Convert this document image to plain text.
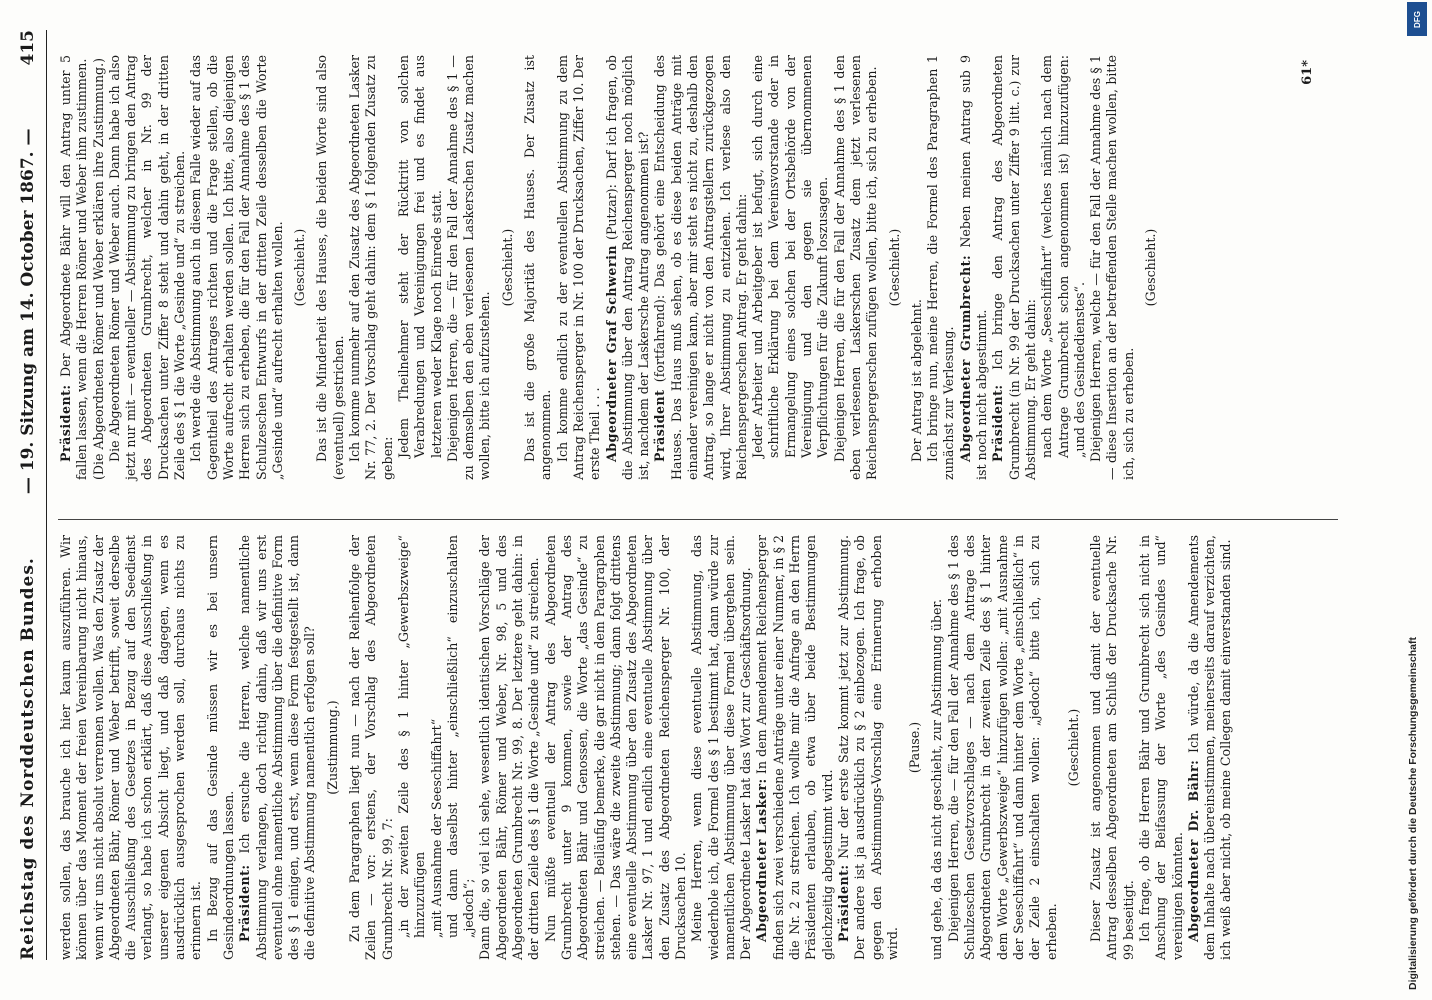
Reichstag des Norddeutschen Bundes.
— 19. Sitzung am 14. October 1867. —
415

werden sollen, das brauche ich hier kaum auszuführen. Wir können über das Moment der freien Vereinbarung nicht hinaus, wenn wir uns nicht absolut verrennen wollen. Was den Zusatz der Abgeordneten Bähr, Römer und Weber betrifft, soweit derselbe die Ausschließung des Gesetzes in Bezug auf den Seedienst verlangt, so habe ich schon erklärt, daß diese Ausschließung in unserer eigenen Absicht liegt, und daß dagegen, wenn es ausdrücklich ausgesprochen werden soll, durchaus nichts zu erinnern ist. In Bezug auf das Gesinde müssen wir es bei unsern Gesindeordnungen lassen. Präsident: Ich ersuche die Herren, welche namentliche Abstimmung verlangen, doch richtig dahin, daß wir uns erst eventuell ohne namentliche Abstimmung über die definitive Form des § 1 einigen, und erst, wenn diese Form festgestellt ist, dann die definitive Abstimmung namentlich erfolgen soll? (Zustimmung.) Zu dem Paragraphen liegt nun — nach der Reihenfolge der Zeilen — vor: erstens, der Vorschlag des Abgeordneten Grumbrecht Nr. 99, 7: „in der zweiten Zeile des § 1 hinter „Gewerbszweige“ hinzuzufügen „mit Ausnahme der Seeschiffahrt“ und dann daselbst hinter „einschließlich“ einzuschalten „jedoch“; Dann die, so viel ich sehe, wesentlich identischen Vorschläge der Abgeordneten Bähr, Römer und Weber, Nr. 98, 5 und des Abgeordneten Grumbrecht Nr. 99, 8. Der letztere geht dahin: in der dritten Zeile des § 1 die Worte „Gesinde und“ zu streichen. Nun müßte eventuell der Antrag des Abgeordneten Grumbrecht unter 9 kommen, sowie der Antrag des Abgeordneten Bähr und Genossen, die Worte „das Gesinde“ zu streichen. — Beiläufig bemerke, die gar nicht in dem Paragraphen stehen. — Das wäre die zweite Abstimmung; dann folgt drittens eine eventuelle Abstimmung über den Zusatz des Abgeordneten Lasker Nr. 97, 1 und endlich eine eventuelle Abstimmung über den Zusatz des Abgeordneten Reichensperger Nr. 100, der Drucksachen 10. Meine Herren, wenn diese eventuelle Abstimmung, das wiederhole ich, die Formel des § 1 bestimmt hat, dann würde zur namentlichen Abstimmung über diese Formel übergehen sein. Der Abgeordnete Lasker hat das Wort zur Geschäftsordnung. Abgeordneter Lasker: In dem Amendement Reichensperger finden sich zwei verschiedene Anträge unter einer Nummer, in § 2 die Nr. 2 zu streichen. Ich wollte mir die Anfrage an den Herrn Präsidenten erlauben, ob etwa über beide Bestimmungen gleichzeitig abgestimmt wird. Präsident: Nur der erste Satz kommt jetzt zur Abstimmung. Der andere ist ja ausdrücklich zu § 2 einbezogen. Ich frage, ob gegen den Abstimmungs-Vorschlag eine Erinnerung erhoben wird.

(Pause.) und gehe, da das nicht geschieht, zur Abstimmung über. Diejenigen Herren, die — für den Fall der Annahme des § 1 des Schulzeschen Gesetzvorschlages — nach dem Antrage des Abgeordneten Grumbrecht in der zweiten Zeile des § 1 hinter dem Worte „Gewerbszweige“ hinzufügen wollen: „mit Ausnahme der Seeschiffahrt“ und dann hinter dem Worte „einschließlich“ in der Zeile 2 einschalten wollen: „jedoch“ bitte ich, sich zu erheben.

(Geschieht.) Dieser Zusatz ist angenommen und damit der eventuelle Antrag desselben Abgeordneten am Schluß der Drucksache Nr. 99 beseitigt. Ich frage, ob die Herren Bähr und Grumbrecht sich nicht in Anschung der Beifassung der Worte „des Gesindes und“ vereinigen könnten. Abgeordneter Dr. Bähr: Ich würde, da die Amendements dem Inhalte nach übereinstimmen, meinerseits darauf verzichten, ich weiß aber nicht, ob meine Collegen damit einverstanden sind.

Präsident: Der Abgeordnete Bähr will den Antrag unter 5 fallen lassen, wenn die Herren Römer und Weber ihm zustimmen. (Die Abgeordneten Römer und Weber erklären ihre Zustimmung.) Die Abgeordneten Römer und Weber auch. Dann habe ich also jetzt nur mit — eventueller — Abstimmung zu bringen den Antrag des Abgeordneten Grumbrecht, welcher in Nr. 99 der Drucksachen unter Ziffer 8 steht und dahin geht, in der dritten Zeile des § 1 die Worte „Gesinde und“ zu streichen. Ich werde die Abstimmung auch in diesem Falle wieder auf das Gegentheil des Antrages richten und die Frage stellen, ob die Worte aufrecht erhalten werden sollen. Ich bitte, also diejenigen Herren sich zu erheben, die für den Fall der Annahme des § 1 des Schulzeschen Entwurfs in der dritten Zeile desselben die Worte „Gesinde und“ aufrecht erhalten wollen. (Geschieht.) Das ist die Minderheit des Hauses, die beiden Worte sind also (eventuell) gestrichen. Ich komme nunmehr auf den Zusatz des Abgeordneten Lasker Nr. 77, 2. Der Vorschlag geht dahin: dem § 1 folgenden Zusatz zu geben:

Jedem Theilnehmer steht der Rücktritt von solchen Verabredungen und Vereinigungen frei und es findet aus letzteren weder Klage noch Einrede statt. Diejenigen Herren, die — für den Fall der Annahme des § 1 — zu demselben den eben verlesenen Laskerschen Zusatz machen wollen, bitte ich aufzustehen.

(Geschieht.) Das ist die große Majorität des Hauses. Der Zusatz ist angenommen. Ich komme endlich zu der eventuellen Abstimmung zu dem Antrag Reichensperger in Nr. 100 der Drucksachen, Ziffer 10. Der erste Theil . . . Abgeordneter Graf Schwerin (Putzar): Darf ich fragen, ob die Abstimmung über den Antrag Reichensperger noch möglich ist, nachdem der Laskersche Antrag angenommen ist? Präsident (fortfahrend): Das gehört eine Entscheidung des Hauses. Das Haus muß sehen, ob es diese beiden Anträge mit einander vereinigen kann, aber mir steht es nicht zu, deshalb den Antrag, so lange er nicht von den Antragstellern zurückgezogen wird, Ihrer Abstimmung zu entziehen. Ich verlese also den Reichenspergerschen Antrag. Er geht dahin: Jeder Arbeiter und Arbeitgeber ist befugt, sich durch eine schriftliche Erklärung bei dem Vereinsvorstande oder in Ermangelung eines solchen bei der Ortsbehörde von der Vereinigung und den gegen sie übernommenen Verpflichtungen für die Zukunft loszusagen. Diejenigen Herren, die für den Fall der Annahme des § 1 den eben verlesenen Laskerschen Zusatz dem jetzt verlesenen Reichenspergerschen zufügen wollen, bitte ich, sich zu erheben. (Geschieht.)

Der Antrag ist abgelehnt. Ich bringe nun, meine Herren, die Formel des Paragraphen 1 zunächst zur Verlesung. Abgeordneter Grumbrecht: Neben meinen Antrag sub 9 ist noch nicht abgestimmt. Präsident: Ich bringe den Antrag des Abgeordneten Grumbrecht (in Nr. 99 der Drucksachen unter Ziffer 9 litt. c.) zur Abstimmung. Er geht dahin: nach dem Worte „Seeschiffahrt“ (welches nämlich nach dem Antrage Grumbrecht schon angenommen ist) hinzuzufügen: „und des Gesindedienstes“. Diejenigen Herren, welche — für den Fall der Annahme des § 1 — diese Insertion an der betreffenden Stelle machen wollen, bitte ich, sich zu erheben.

(Geschieht.)

61*
Digitalisierung gefördert durch die Deutsche Forschungsgemeinschaft
DFG
